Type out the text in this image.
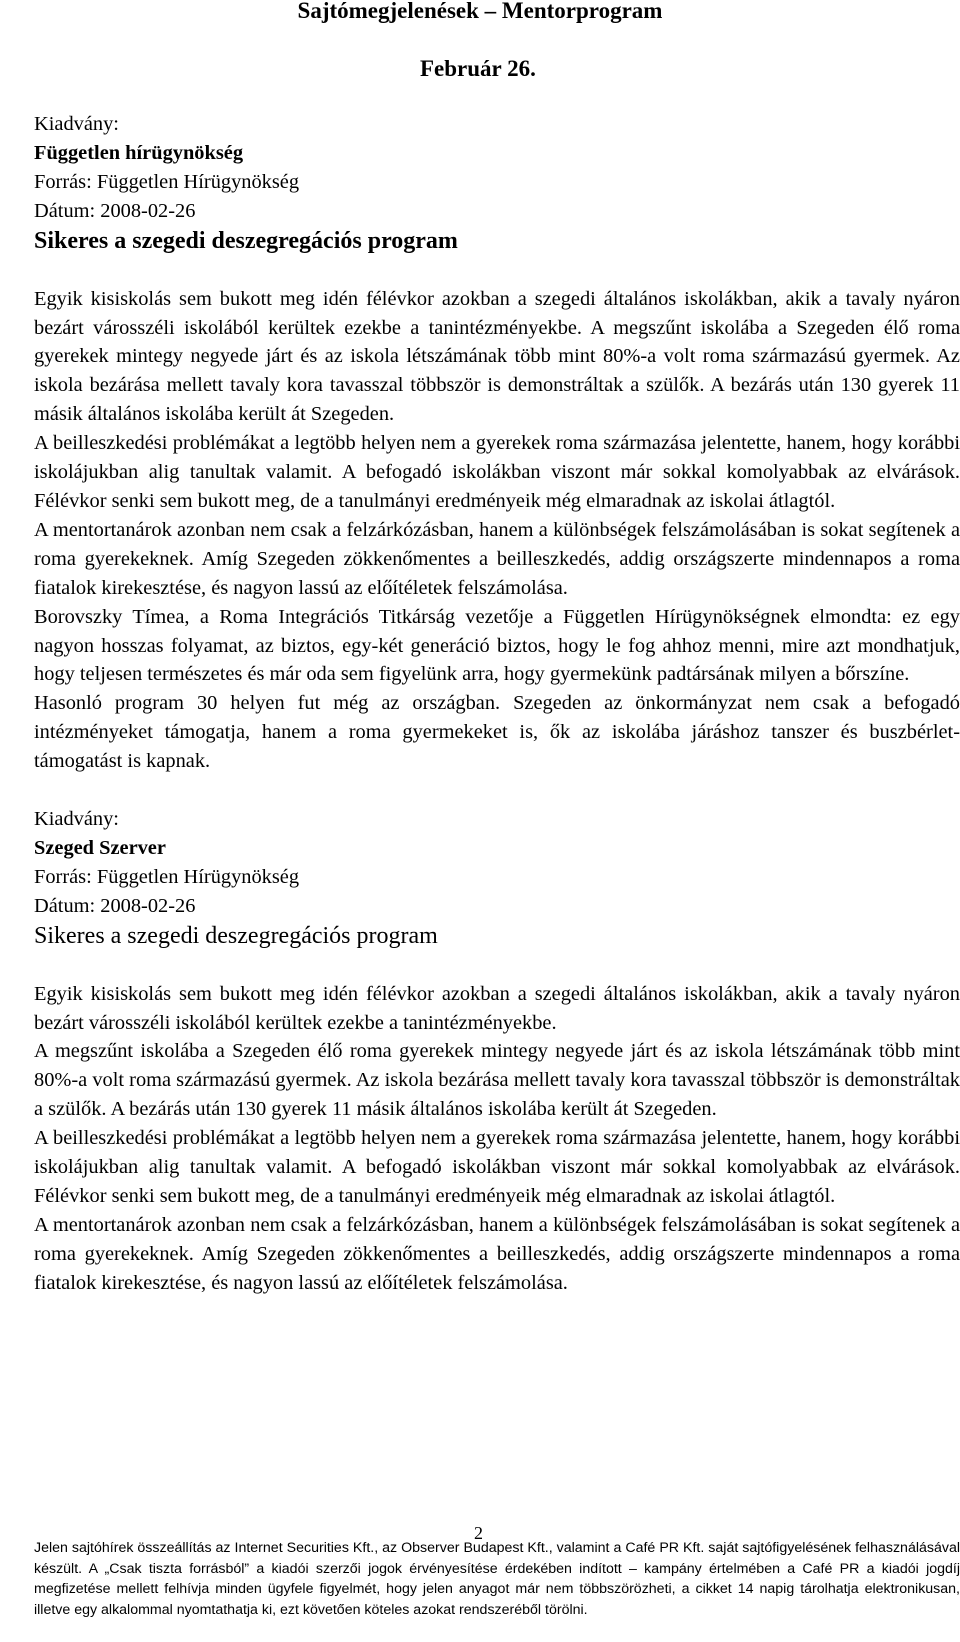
Sajtómegjelenések – Mentorprogram
Február 26.

Kiadvány:

Független hírügynökség

Forrás: Független Hírügynökség

Dátum: 2008-02-26

Sikeres a szegedi deszegregációs program

Egyik kisiskolás sem bukott meg idén félévkor azokban a szegedi általános iskolákban, akik a tavaly nyáron bezárt városszéli iskolából kerültek ezekbe a tanintézményekbe. A megszűnt iskolába a Szegeden élő roma gyerekek mintegy negyede járt és az iskola létszámának több mint 80%-a volt roma származású gyermek. Az iskola bezárása mellett tavaly kora tavasszal többször is demonstráltak a szülők. A bezárás után 130 gyerek 11 másik általános iskolába került át Szegeden.

A beilleszkedési problémákat a legtöbb helyen nem a gyerekek roma származása jelentette, hanem, hogy korábbi iskolájukban alig tanultak valamit. A befogadó iskolákban viszont már sokkal komolyabbak az elvárások. Félévkor senki sem bukott meg, de a tanulmányi eredményeik még elmaradnak az iskolai átlagtól.

A mentortanárok azonban nem csak a felzárkózásban, hanem a különbségek felszámolásában is sokat segítenek a roma gyerekeknek. Amíg Szegeden zökkenőmentes a beilleszkedés, addig országszerte mindennapos a roma fiatalok kirekesztése, és nagyon lassú az előítéletek felszámolása.

Borovszky Tímea, a Roma Integrációs Titkárság vezetője a Független Hírügynökségnek elmondta: ez egy nagyon hosszas folyamat, az biztos, egy-két generáció biztos, hogy le fog ahhoz menni, mire azt mondhatjuk, hogy teljesen természetes és már oda sem figyelünk arra, hogy gyermekünk padtársának milyen a bőrszíne.

Hasonló program 30 helyen fut még az országban. Szegeden az önkormányzat nem csak a befogadó intézményeket támogatja, hanem a roma gyermekeket is, ők az iskolába járáshoz tanszer és buszbérlet-támogatást is kapnak.

Kiadvány:

Szeged Szerver

Forrás: Független Hírügynökség

Dátum: 2008-02-26

Sikeres a szegedi deszegregációs program

Egyik kisiskolás sem bukott meg idén félévkor azokban a szegedi általános iskolákban, akik a tavaly nyáron bezárt városszéli iskolából kerültek ezekbe a tanintézményekbe.

A megszűnt iskolába a Szegeden élő roma gyerekek mintegy negyede járt és az iskola létszámának több mint 80%-a volt roma származású gyermek. Az iskola bezárása mellett tavaly kora tavasszal többször is demonstráltak a szülők. A bezárás után 130 gyerek 11 másik általános iskolába került át Szegeden.

A beilleszkedési problémákat a legtöbb helyen nem a gyerekek roma származása jelentette, hanem, hogy korábbi iskolájukban alig tanultak valamit. A befogadó iskolákban viszont már sokkal komolyabbak az elvárások. Félévkor senki sem bukott meg, de a tanulmányi eredményeik még elmaradnak az iskolai átlagtól.

A mentortanárok azonban nem csak a felzárkózásban, hanem a különbségek felszámolásában is sokat segítenek a roma gyerekeknek. Amíg Szegeden zökkenőmentes a beilleszkedés, addig országszerte mindennapos a roma fiatalok kirekesztése, és nagyon lassú az előítéletek felszámolása.

2
Jelen sajtóhírek összeállítás az Internet Securities Kft., az Observer Budapest Kft., valamint a Café PR Kft. saját sajtófigyelésének felhasználásával készült. A „Csak tiszta forrásból” a kiadói szerzői jogok érvényesítése érdekében indított – kampány értelmében a Café PR a kiadói jogdíj megfizetése mellett felhívja minden ügyfele figyelmét, hogy jelen anyagot már nem többszörözheti, a cikket 14 napig tárolhatja elektronikusan, illetve egy alkalommal nyomtathatja ki, ezt követően köteles azokat rendszeréből törölni.
